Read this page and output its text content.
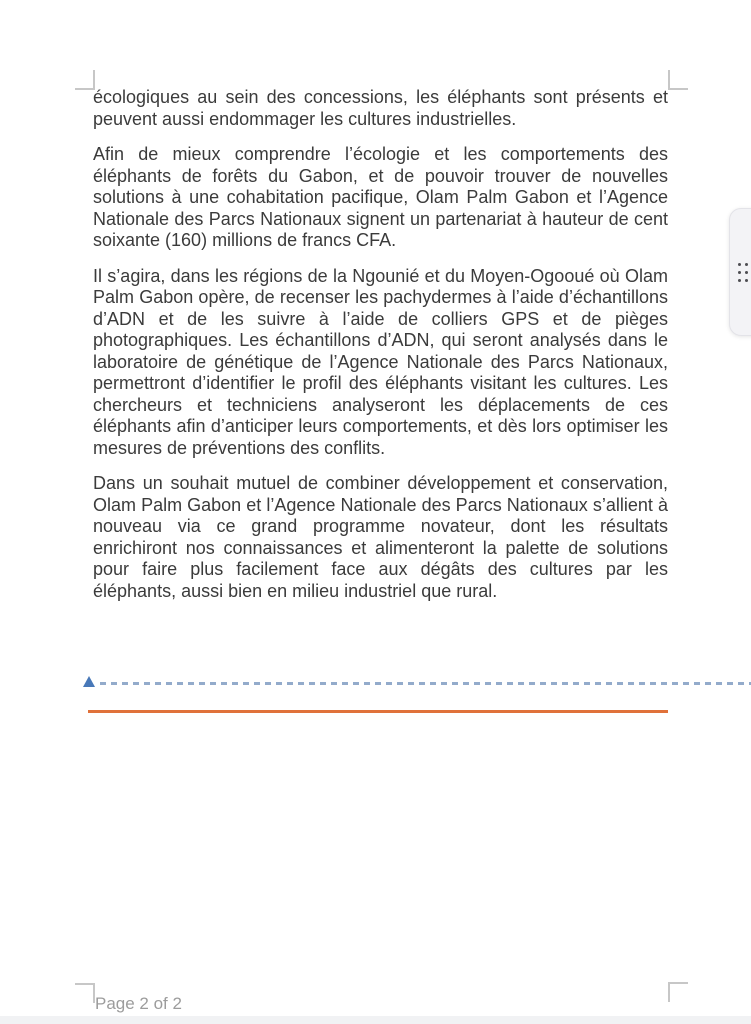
écologiques au sein des concessions, les éléphants sont présents et peuvent aussi endommager les cultures industrielles.

Afin de mieux comprendre l’écologie et les comportements des éléphants de forêts du Gabon, et de pouvoir trouver de nouvelles solutions à une cohabitation pacifique, Olam Palm Gabon et l’Agence Nationale des Parcs Nationaux signent un partenariat à hauteur de cent soixante (160) millions de francs CFA.

Il s’agira, dans les régions de la Ngounié et du Moyen-Ogooué où Olam Palm Gabon opère, de recenser les pachydermes à l’aide d’échantillons d’ADN et de les suivre à l’aide de colliers GPS et de pièges photographiques. Les échantillons d’ADN, qui seront analysés dans le laboratoire de génétique de l’Agence Nationale des Parcs Nationaux, permettront d’identifier le profil des éléphants visitant les cultures. Les chercheurs et techniciens analyseront les déplacements de ces éléphants afin d’anticiper leurs comportements, et dès lors optimiser les mesures de préventions des conflits.

Dans un souhait mutuel de combiner développement et conservation, Olam Palm Gabon et l’Agence Nationale des Parcs Nationaux s’allient à nouveau via ce grand programme novateur, dont les résultats enrichiront nos connaissances et alimenteront la palette de solutions pour faire plus facilement face aux dégâts des cultures par les éléphants, aussi bien en milieu industriel que rural.

Page 2 of 2
